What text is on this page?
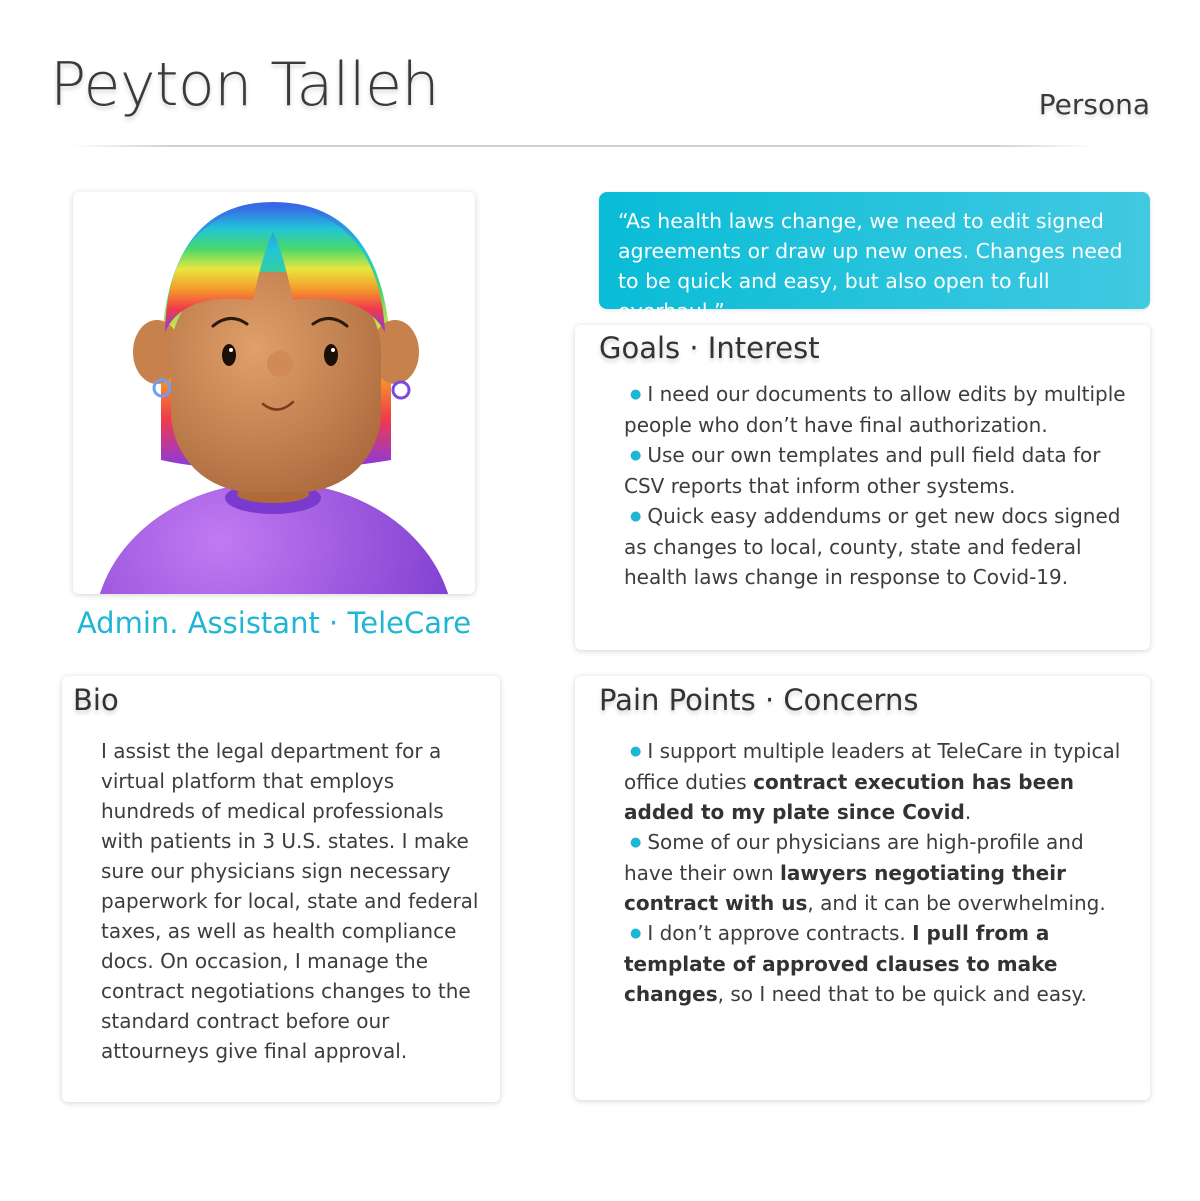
Peyton Talleh	Persona
Admin. Assistant · TeleCare
“As health laws change, we need to edit signed agreements or draw up new ones. Changes need to be quick and easy, but also open to full overhaul.”
Goals · Interest
● I need our documents to allow edits by multiple people who don’t have final authorization.
● Use our own templates and pull field data for CSV reports that inform other systems.
● Quick easy addendums or get new docs signed as changes to local, county, state and federal health laws change in response to Covid-19.
Bio
I assist the legal department for a virtual platform that employs hundreds of medical professionals with patients in 3 U.S. states. I make sure our physicians sign necessary paperwork for local, state and federal taxes, as well as health compliance docs. On occasion, I manage the contract negotiations changes to the standard contract before our attourneys give final approval.
Pain Points · Concerns
● I support multiple leaders at TeleCare in typical office duties contract execution has been added to my plate since Covid.
● Some of our physicians are high-profile and have their own lawyers negotiating their contract with us, and it can be overwhelming.
● I don’t approve contracts. I pull from a template of approved clauses to make changes, so I need that to be quick and easy.
